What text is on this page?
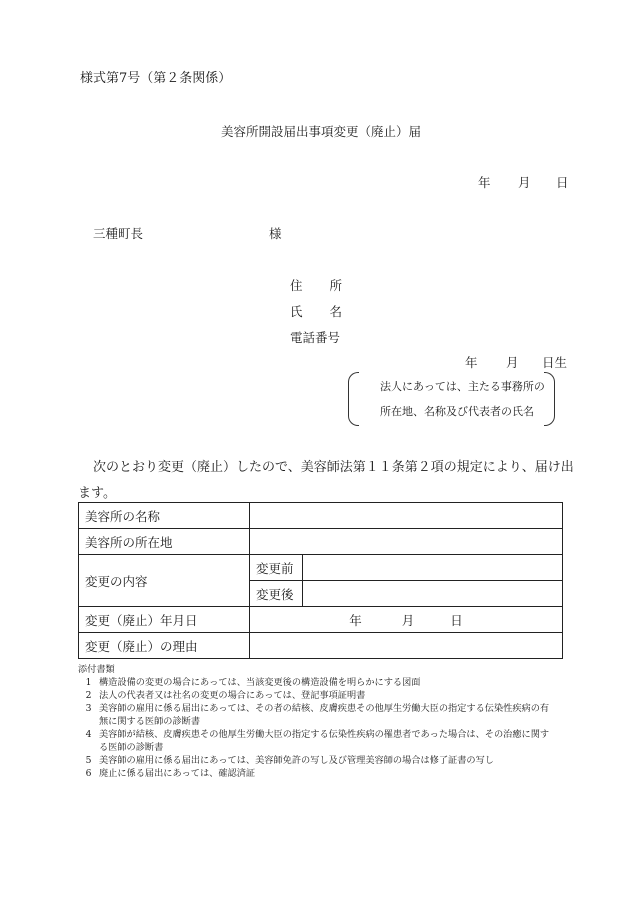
様式第7号（第２条関係）
美容所開設届出事項変更（廃止）届
年 月 日
三種町長	様
住 所
氏 名
電話番号
年 月 日生
法人にあっては、主たる事務所の
所在地、名称及び代表者の氏名
次のとおり変更（廃止）したので、美容師法第１１条第２項の規定により、届け出
ます。
美容所の名称		
美容所の所在地		
変更の内容	変更前	
	変更後	
変更（廃止）年月日	年 月 日	
変更（廃止）の理由		
添付書類
1 構造設備の変更の場合にあっては、当該変更後の構造設備を明らかにする図面
2 法人の代表者又は社名の変更の場合にあっては、登記事項証明書
3 美容師の雇用に係る届出にあっては、その者の結核、皮膚疾患その他厚生労働大臣の指定する伝染性疾病の有
無に関する医師の診断書
4 美容師が結核、皮膚疾患その他厚生労働大臣の指定する伝染性疾病の罹患者であった場合は、その治癒に関す
る医師の診断書
5 美容師の雇用に係る届出にあっては、美容師免許の写し及び管理美容師の場合は修了証書の写し
6 廃止に係る届出にあっては、確認済証
